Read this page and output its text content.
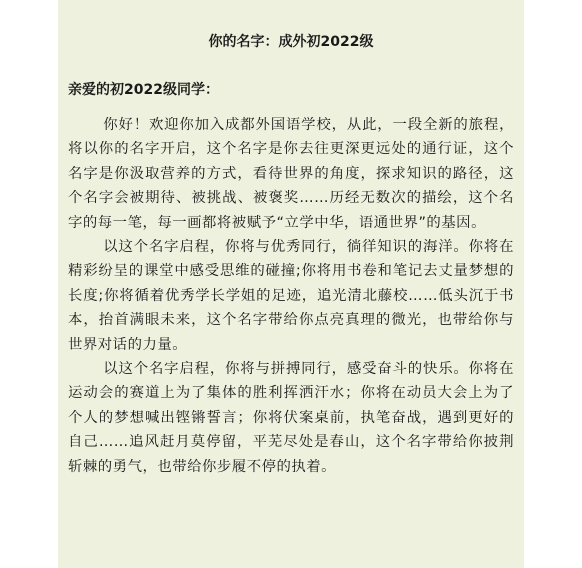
你的名字：成外初2022级
亲爱的初2022级同学：

你好！欢迎你加入成都外国语学校，从此，一段全新的旅程，将以你的名字开启，这个名字是你去往更深更远处的通行证，这个名字是你汲取营养的方式，看待世界的角度，探求知识的路径，这个名字会被期待、被挑战、被褒奖……历经无数次的描绘，这个名字的每一笔，每一画都将被赋予“立学中华，语通世界”的基因。

以这个名字启程，你将与优秀同行，徜徉知识的海洋。你将在精彩纷呈的课堂中感受思维的碰撞;你将用书卷和笔记去丈量梦想的长度;你将循着优秀学长学姐的足迹，追光清北藤校……低头沉于书本，抬首满眼未来，这个名字带给你点亮真理的微光，也带给你与世界对话的力量。

以这个名字启程，你将与拼搏同行，感受奋斗的快乐。你将在运动会的赛道上为了集体的胜利挥洒汗水；你将在动员大会上为了个人的梦想喊出铿锵誓言；你将伏案桌前，执笔奋战，遇到更好的自己……追风赶月莫停留，平芜尽处是春山，这个名字带给你披荆斩棘的勇气，也带给你步履不停的执着。
